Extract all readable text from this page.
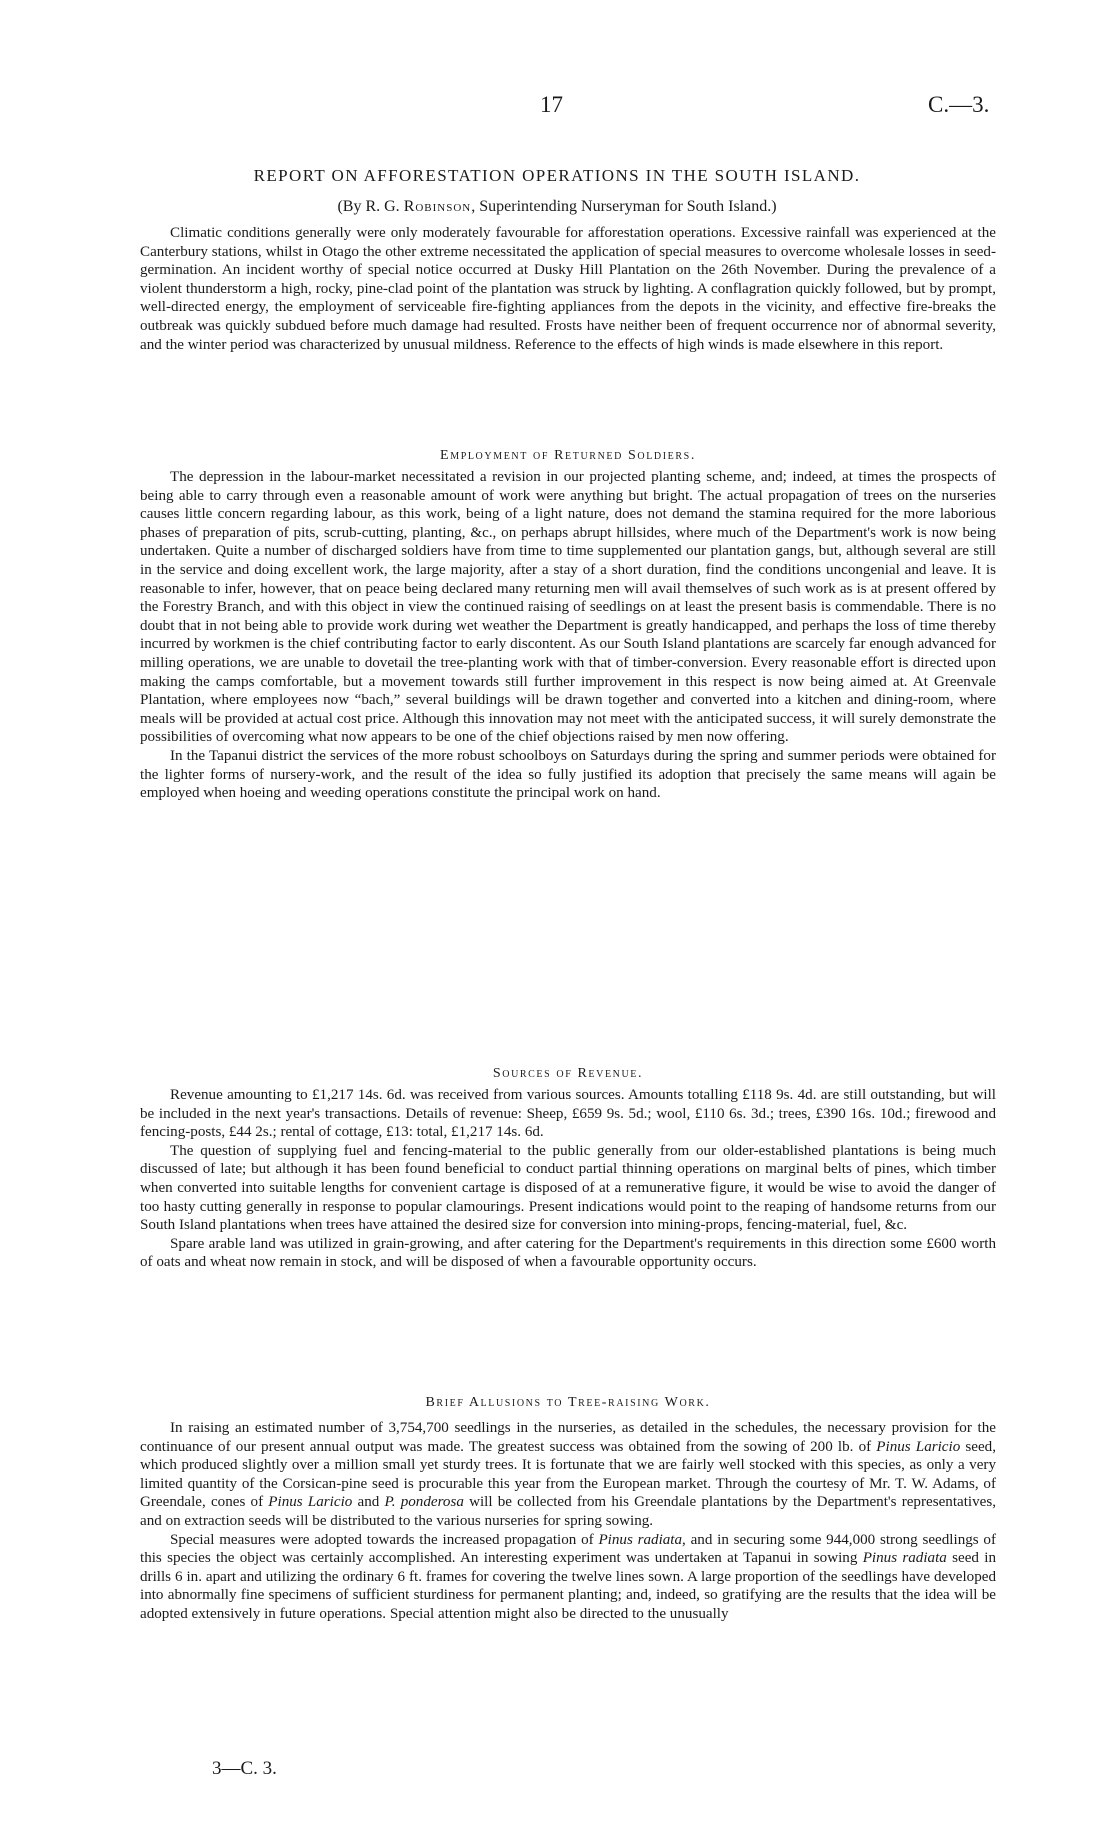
17	C.—3.
REPORT ON AFFORESTATION OPERATIONS IN THE SOUTH ISLAND.
(By R. G. Robinson, Superintending Nurseryman for South Island.)

Climatic conditions generally were only moderately favourable for afforestation operations. Excessive rainfall was experienced at the Canterbury stations, whilst in Otago the other extreme necessitated the application of special measures to overcome wholesale losses in seed-germination. An incident worthy of special notice occurred at Dusky Hill Plantation on the 26th November. During the prevalence of a violent thunderstorm a high, rocky, pine-clad point of the plantation was struck by lighting. A conflagration quickly followed, but by prompt, well-directed energy, the employment of serviceable fire-fighting appliances from the depots in the vicinity, and effective fire-breaks the outbreak was quickly subdued before much damage had resulted. Frosts have neither been of frequent occurrence nor of abnormal severity, and the winter period was characterized by unusual mildness. Reference to the effects of high winds is made elsewhere in this report.

Employment of Returned Soldiers.

The depression in the labour-market necessitated a revision in our projected planting scheme, and; indeed, at times the prospects of being able to carry through even a reasonable amount of work were anything but bright. The actual propagation of trees on the nurseries causes little concern regarding labour, as this work, being of a light nature, does not demand the stamina required for the more laborious phases of preparation of pits, scrub-cutting, planting, &c., on perhaps abrupt hillsides, where much of the Department's work is now being undertaken. Quite a number of discharged soldiers have from time to time supplemented our plantation gangs, but, although several are still in the service and doing excellent work, the large majority, after a stay of a short duration, find the conditions uncongenial and leave. It is reasonable to infer, however, that on peace being declared many returning men will avail themselves of such work as is at present offered by the Forestry Branch, and with this object in view the continued raising of seedlings on at least the present basis is commendable. There is no doubt that in not being able to provide work during wet weather the Department is greatly handicapped, and perhaps the loss of time thereby incurred by workmen is the chief contributing factor to early discontent. As our South Island plantations are scarcely far enough advanced for milling operations, we are unable to dovetail the tree-planting work with that of timber-conversion. Every reasonable effort is directed upon making the camps comfortable, but a movement towards still further improvement in this respect is now being aimed at. At Greenvale Plantation, where employees now “bach,” several buildings will be drawn together and converted into a kitchen and dining-room, where meals will be provided at actual cost price. Although this innovation may not meet with the anticipated success, it will surely demonstrate the possibilities of overcoming what now appears to be one of the chief objections raised by men now offering.

In the Tapanui district the services of the more robust schoolboys on Saturdays during the spring and summer periods were obtained for the lighter forms of nursery-work, and the result of the idea so fully justified its adoption that precisely the same means will again be employed when hoeing and weeding operations constitute the principal work on hand.

Sources of Revenue.

Revenue amounting to £1,217 14s. 6d. was received from various sources. Amounts totalling £118 9s. 4d. are still outstanding, but will be included in the next year's transactions. Details of revenue: Sheep, £659 9s. 5d.; wool, £110 6s. 3d.; trees, £390 16s. 10d.; firewood and fencing-posts, £44 2s.; rental of cottage, £13: total, £1,217 14s. 6d.

The question of supplying fuel and fencing-material to the public generally from our older-established plantations is being much discussed of late; but although it has been found beneficial to conduct partial thinning operations on marginal belts of pines, which timber when converted into suitable lengths for convenient cartage is disposed of at a remunerative figure, it would be wise to avoid the danger of too hasty cutting generally in response to popular clamourings. Present indications would point to the reaping of handsome returns from our South Island plantations when trees have attained the desired size for conversion into mining-props, fencing-material, fuel, &c.

Spare arable land was utilized in grain-growing, and after catering for the Department's requirements in this direction some £600 worth of oats and wheat now remain in stock, and will be disposed of when a favourable opportunity occurs.

Brief Allusions to Tree-raising Work.

In raising an estimated number of 3,754,700 seedlings in the nurseries, as detailed in the schedules, the necessary provision for the continuance of our present annual output was made. The greatest success was obtained from the sowing of 200 lb. of Pinus Laricio seed, which produced slightly over a million small yet sturdy trees. It is fortunate that we are fairly well stocked with this species, as only a very limited quantity of the Corsican-pine seed is procurable this year from the European market. Through the courtesy of Mr. T. W. Adams, of Greendale, cones of Pinus Laricio and P. ponderosa will be collected from his Greendale plantations by the Department's representatives, and on extraction seeds will be distributed to the various nurseries for spring sowing.

Special measures were adopted towards the increased propagation of Pinus radiata, and in securing some 944,000 strong seedlings of this species the object was certainly accomplished. An interesting experiment was undertaken at Tapanui in sowing Pinus radiata seed in drills 6 in. apart and utilizing the ordinary 6 ft. frames for covering the twelve lines sown. A large proportion of the seedlings have developed into abnormally fine specimens of sufficient sturdiness for permanent planting; and, indeed, so gratifying are the results that the idea will be adopted extensively in future operations. Special attention might also be directed to the unusually

3—C. 3.
